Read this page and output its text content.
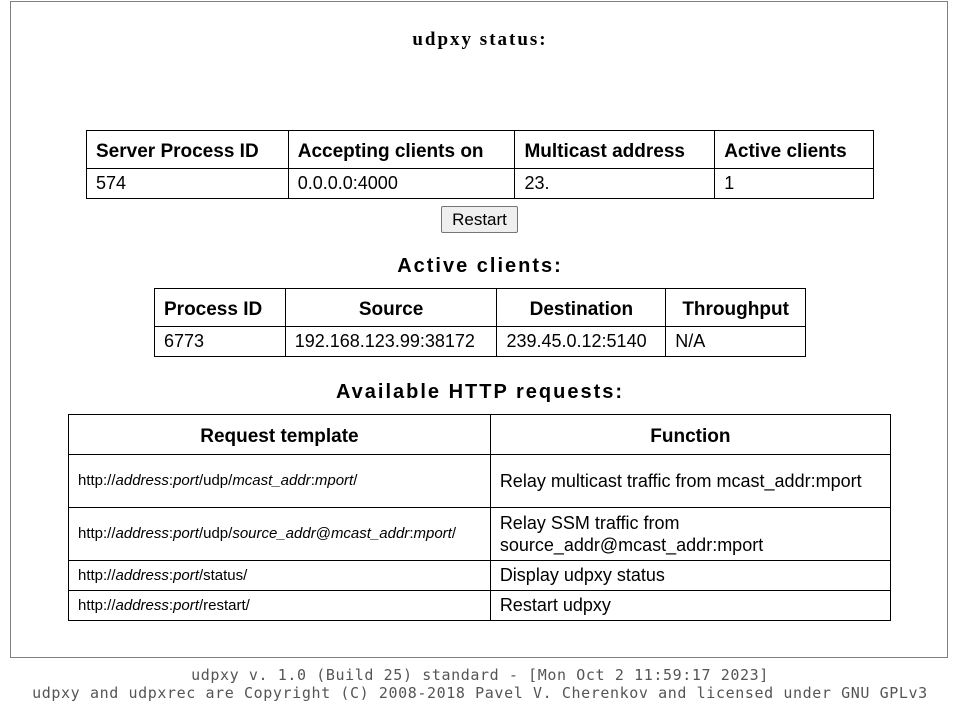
udpxy status:
Server Process ID	Accepting clients on	Multicast address	Active clients
574	0.0.0.0:4000	23.	1
Restart
Active clients:
Process ID	Source	Destination	Throughput
6773	192.168.123.99:38172	239.45.0.12:5140	N/A
Available HTTP requests:
Request template	Function
http://address:port/udp/mcast_addr:mport/	Relay multicast traffic from mcast_addr:mport
http://address:port/udp/source_addr@mcast_addr:mport/	Relay SSM traffic from source_addr@mcast_addr:mport
http://address:port/status/	Display udpxy status
http://address:port/restart/	Restart udpxy
udpxy v. 1.0 (Build 25) standard - [Mon Oct 2 11:59:17 2023]
udpxy and udpxrec are Copyright (C) 2008-2018 Pavel V. Cherenkov and licensed under GNU GPLv3
